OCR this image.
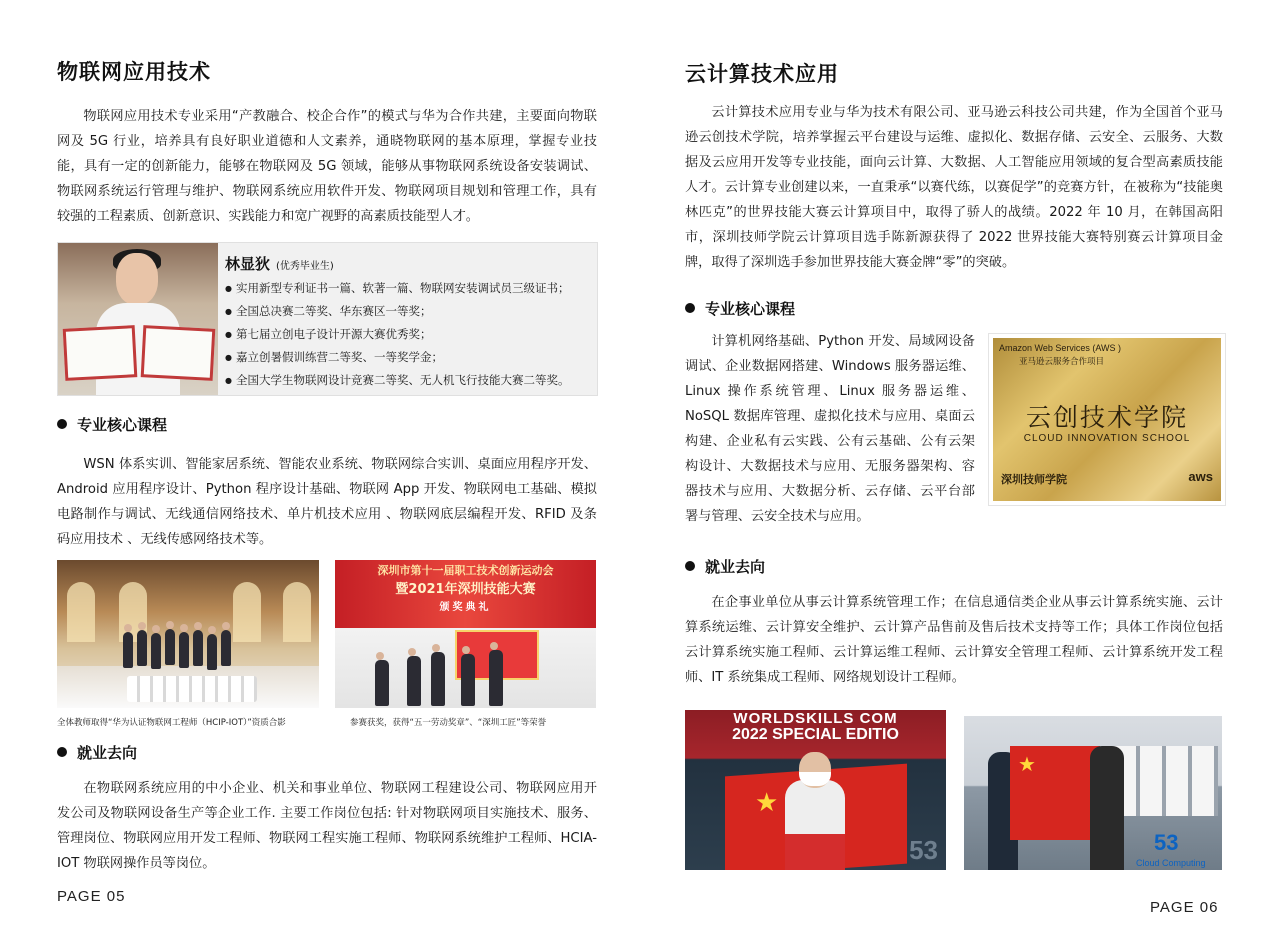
物联网应用技术
物联网应用技术专业采用“产教融合、校企合作”的模式与华为合作共建，主要面向物联网及 5G 行业，培养具有良好职业道德和人文素养，通晓物联网的基本原理，掌握专业技能，具有一定的创新能力，能够在物联网及 5G 领域，能够从事物联网系统设备安装调试、物联网系统运行管理与维护、物联网系统应用软件开发、物联网项目规划和管理工作，具有较强的工程素质、创新意识、实践能力和宽广视野的高素质技能型人才。
林显狄 (优秀毕业生)
● 实用新型专利证书一篇、软著一篇、物联网安装调试员三级证书；
● 全国总决赛二等奖、华东赛区一等奖；
● 第七届立创电子设计开源大赛优秀奖；
● 嘉立创暑假训练营二等奖、一等奖学金；
● 全国大学生物联网设计竞赛二等奖、无人机飞行技能大赛二等奖。
专业核心课程
WSN 体系实训、智能家居系统、智能农业系统、物联网综合实训、桌面应用程序开发、Android 应用程序设计、Python 程序设计基础、物联网 App 开发、物联网电工基础、模拟电路制作与调试、无线通信网络技术、单片机技术应用 、物联网底层编程开发、RFID 及条码应用技术 、无线传感网络技术等。
全体教师取得“华为认证物联网工程师（HCIP-IOT）”资质合影
深圳市第十一届职工技术创新运动会
暨2021年深圳技能大赛
颁奖典礼
参赛获奖，获得“五一劳动奖章”、“深圳工匠”等荣誉
就业去向
在物联网系统应用的中小企业、机关和事业单位、物联网工程建设公司、物联网应用开发公司及物联网设备生产等企业工作. 主要工作岗位包括: 针对物联网项目实施技术、服务、管理岗位、物联网应用开发工程师、物联网工程实施工程师、物联网系统维护工程师、HCIA-IOT 物联网操作员等岗位。
PAGE 05
云计算技术应用
云计算技术应用专业与华为技术有限公司、亚马逊云科技公司共建，作为全国首个亚马逊云创技术学院，培养掌握云平台建设与运维、虚拟化、数据存储、云安全、云服务、大数据及云应用开发等专业技能，面向云计算、大数据、人工智能应用领域的复合型高素质技能人才。云计算专业创建以来，一直秉承“以赛代练，以赛促学”的竞赛方针，在被称为“技能奥林匹克”的世界技能大赛云计算项目中，取得了骄人的战绩。2022 年 10 月，在韩国高阳市，深圳技师学院云计算项目选手陈新源获得了 2022 世界技能大赛特别赛云计算项目金牌，取得了深圳选手参加世界技能大赛金牌“零”的突破。
专业核心课程
计算机网络基础、Python 开发、局域网设备调试、企业数据网搭建、Windows 服务器运维、Linux 操作系统管理、Linux 服务器运维、NoSQL 数据库管理、虚拟化技术与应用、桌面云构建、企业私有云实践、公有云基础、公有云架构设计、大数据技术与应用、无服务器架构、容器技术与应用、大数据分析、云存储、云平台部署与管理、云安全技术与应用。
就业去向
在企事业单位从事云计算系统管理工作；在信息通信类企业从事云计算系统实施、云计算系统运维、云计算安全维护、云计算产品售前及售后技术支持等工作；具体工作岗位包括云计算系统实施工程师、云计算运维工程师、云计算安全管理工程师、云计算系统开发工程师、IT 系统集成工程师、网络规划设计工程师。
PAGE 06
Amazon Web Services (AWS )
亚马逊云服务合作项目
云创技术学院
CLOUD INNOVATION SCHOOL
深圳技师学院	aws
WORLDSKILLS COM
2022 SPECIAL EDITIO
★
53
★
53
Cloud Computing
